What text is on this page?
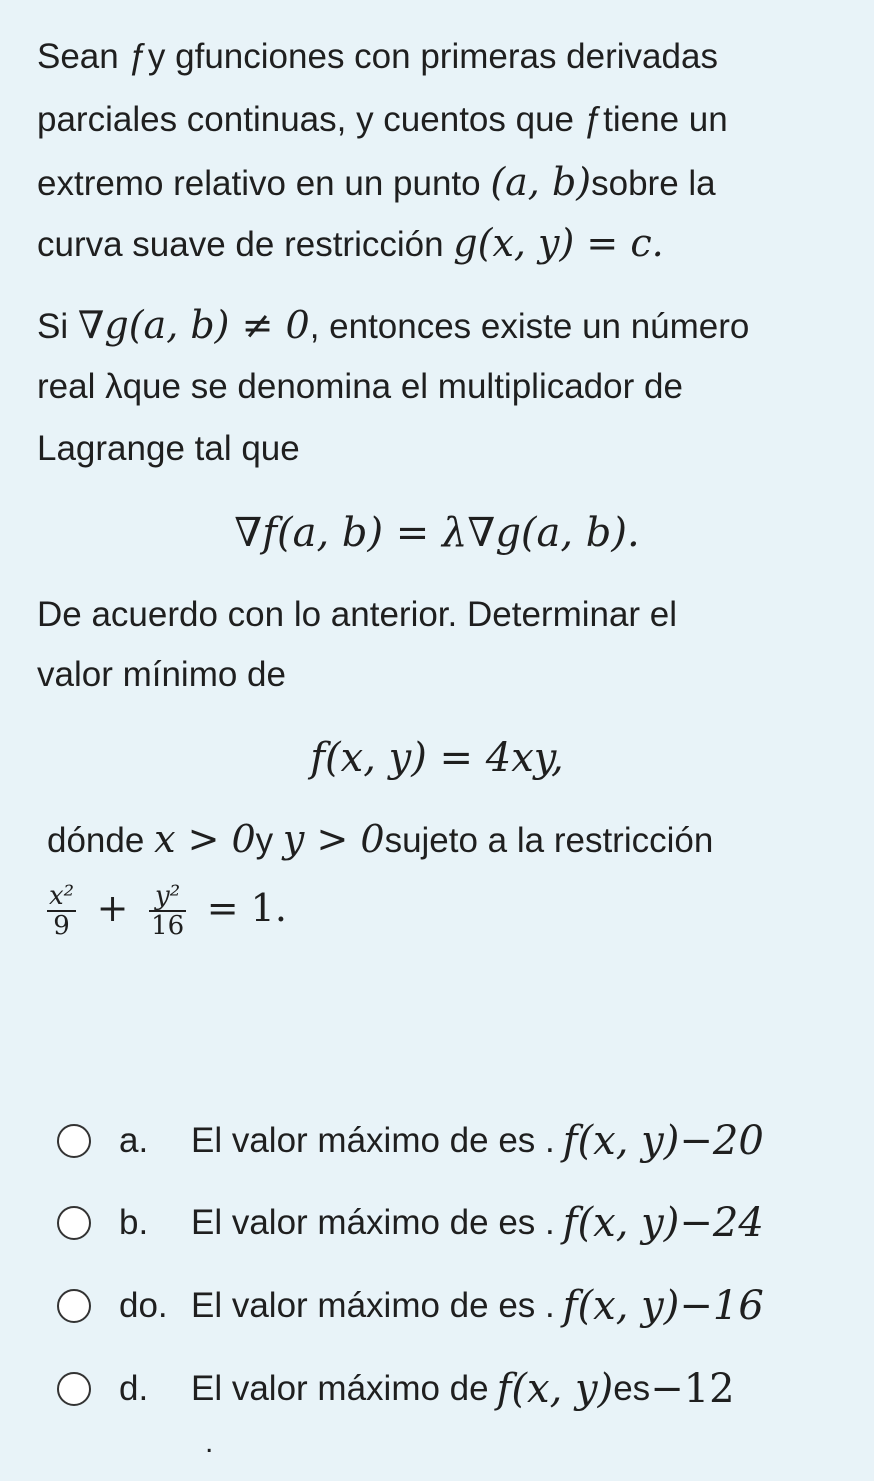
Sean ƒy gfunciones con primeras derivadas
parciales continuas, y cuentos que ƒtiene un
extremo relativo en un punto (a, b)sobre la
curva suave de restricción g(x, y) = c.
Si ∇g(a, b) ≠ 0, entonces existe un número
real λque se denomina el multiplicador de
Lagrange tal que
∇f(a, b) = λ∇g(a, b).
De acuerdo con lo anterior. Determinar el
valor mínimo de
f(x, y) = 4xy,
dónde x > 0y y > 0sujeto a la restricción
$\frac{\text{x²}}{9} + \frac{\text{y²}}{16} = 1$.
a.	El valor máximo de es . f(x, y)−20
b.	El valor máximo de es . f(x, y)−24
do. El valor máximo de es . f(x, y)−16
d.	El valor máximo de f(x, y) es −12
.
